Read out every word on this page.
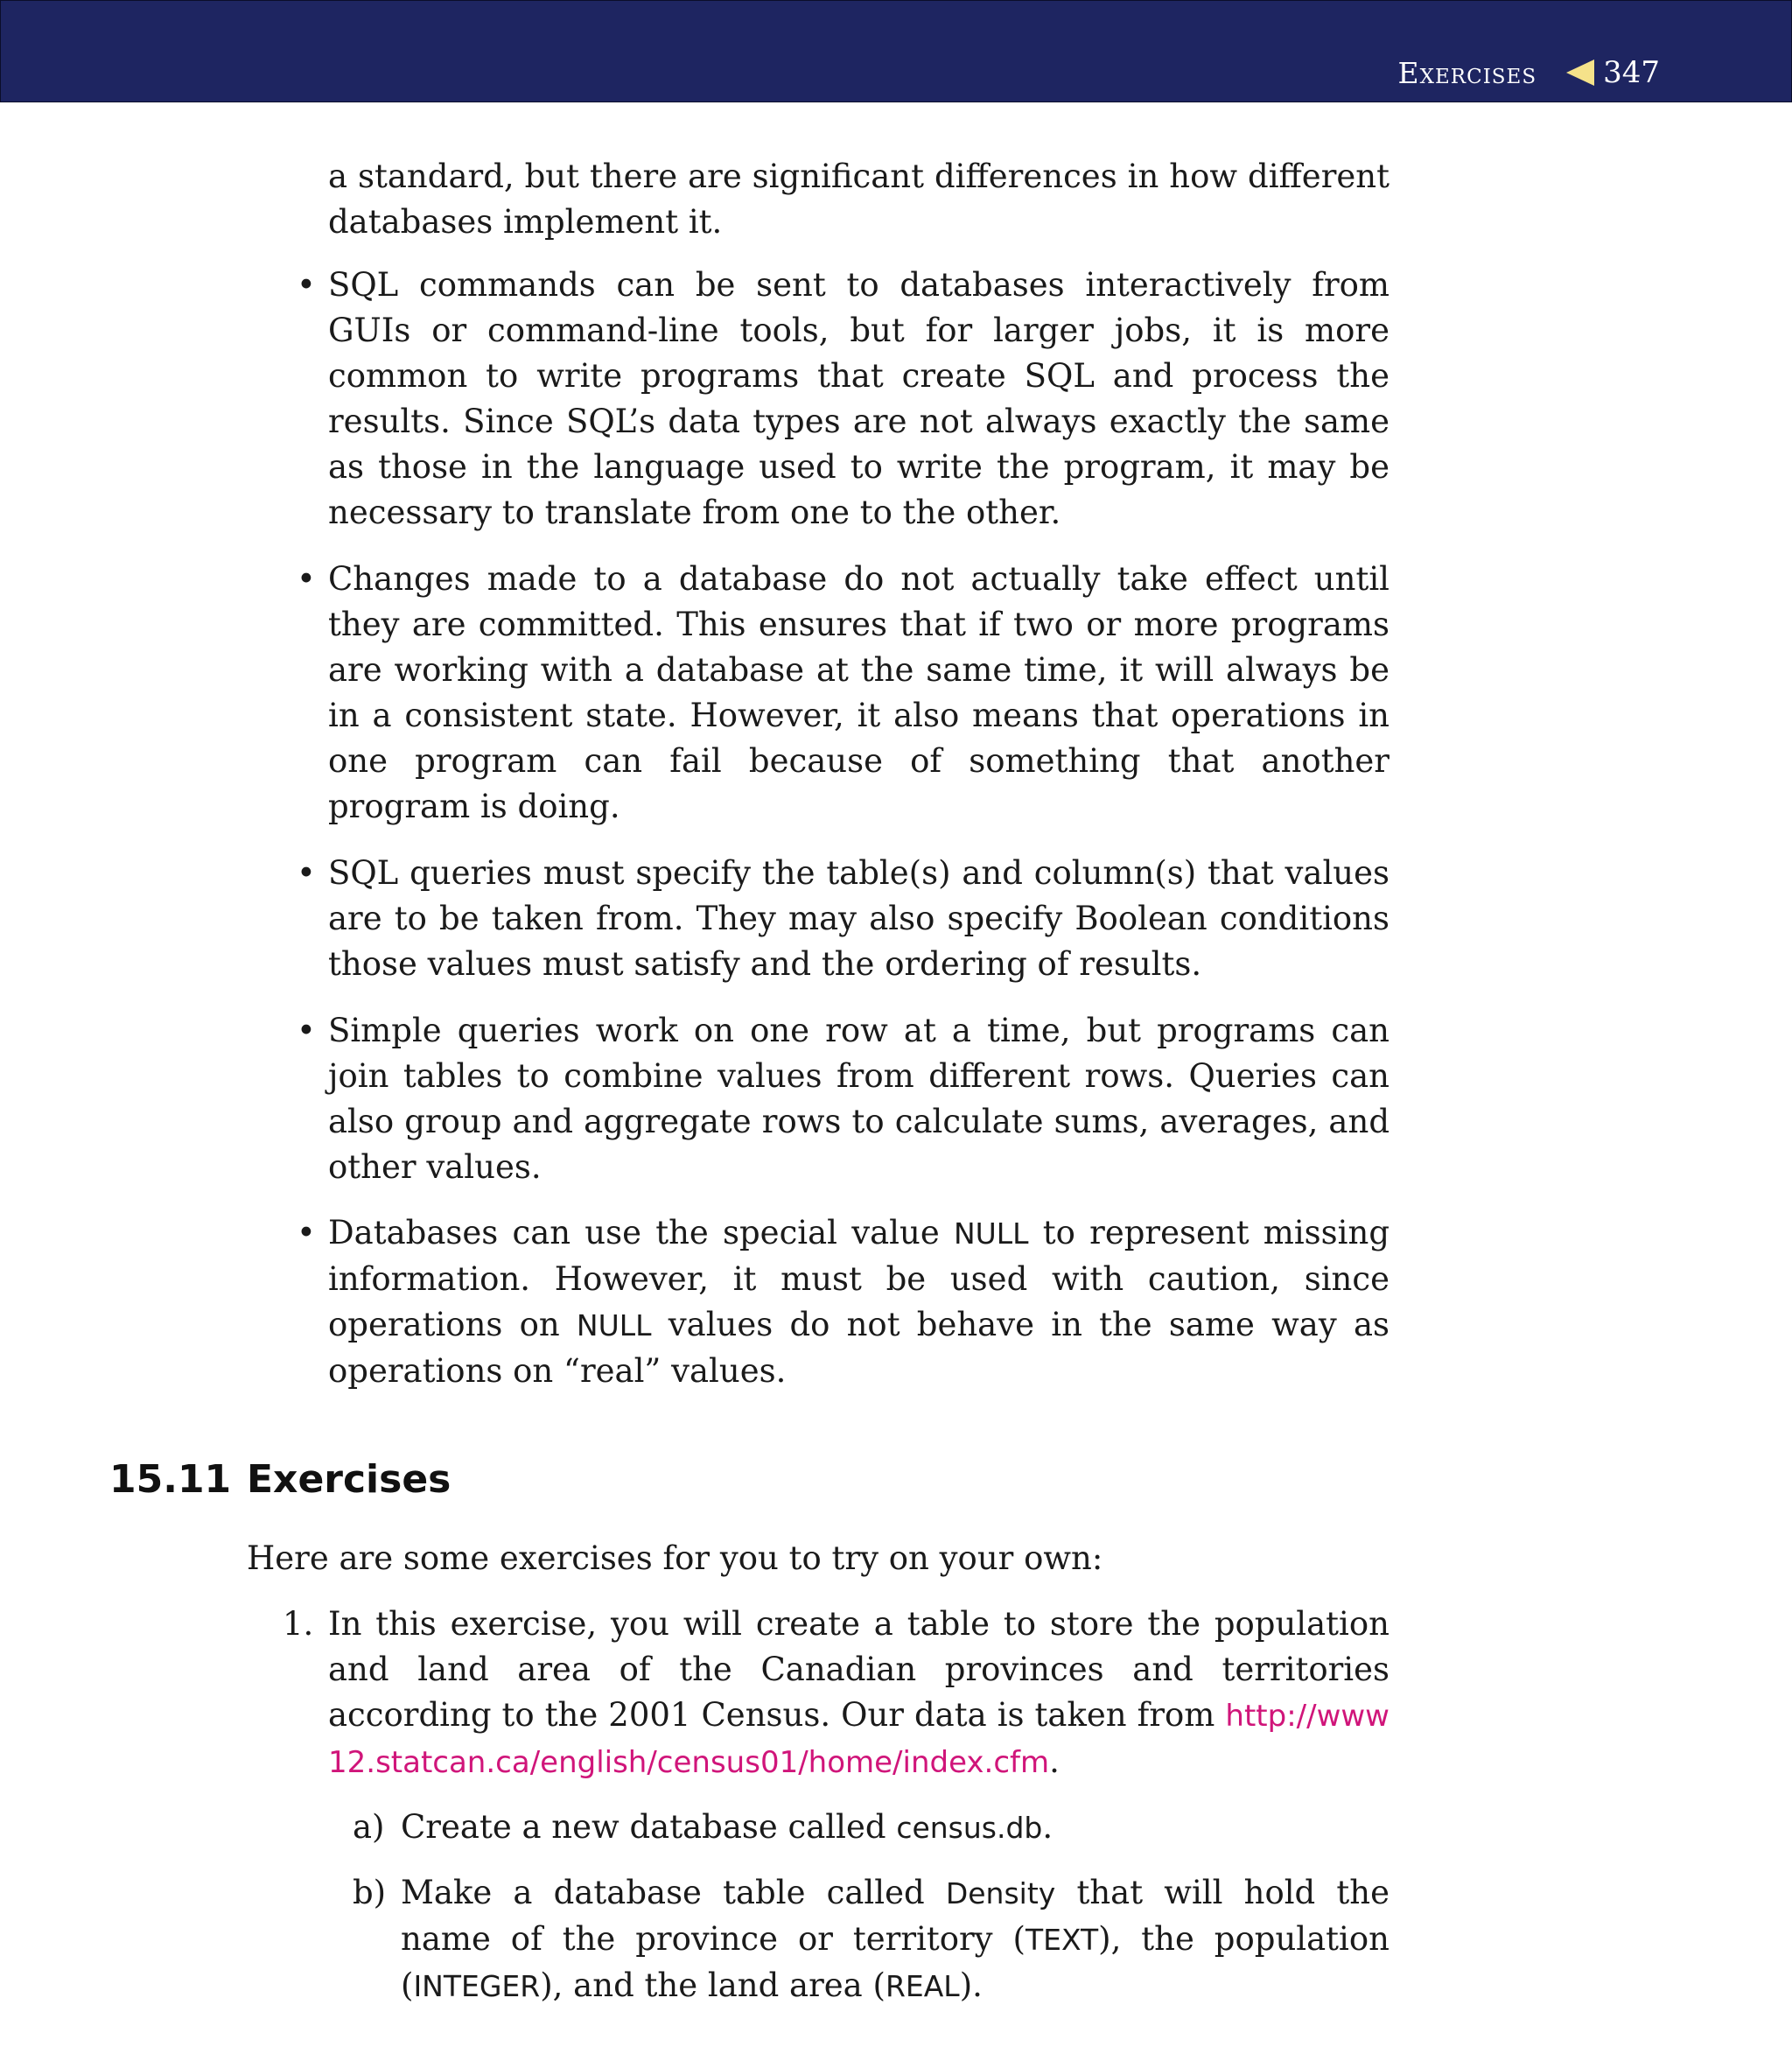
Exercises 347

a standard, but there are significant differences in how different databases implement it.

• SQL commands can be sent to databases interactively from GUIs or command-line tools, but for larger jobs, it is more common to write programs that create SQL and process the results. Since SQL’s data types are not always exactly the same as those in the language used to write the program, it may be necessary to translate from one to the other.
• Changes made to a database do not actually take effect until they are committed. This ensures that if two or more programs are working with a database at the same time, it will always be in a consistent state. However, it also means that operations in one program can fail because of something that another program is doing.
• SQL queries must specify the table(s) and column(s) that values are to be taken from. They may also specify Boolean conditions those values must satisfy and the ordering of results.
• Simple queries work on one row at a time, but programs can join tables to combine values from different rows. Queries can also group and aggregate rows to calculate sums, averages, and other values.
• Databases can use the special value NULL to represent missing information. However, it must be used with caution, since operations on NULL values do not behave in the same way as operations on “real” values.
15.11 Exercises
Here are some exercises for you to try on your own:
1. In this exercise, you will create a table to store the population and land area of the Canadian provinces and territories according to the 2001 Census. Our data is taken from http://www12.statcan.ca/english/census01/home/index.cfm.
a) Create a new database called census.db.
b) Make a database table called Density that will hold the name of the province or territory (TEXT), the population (INTEGER), and the land area (REAL).
